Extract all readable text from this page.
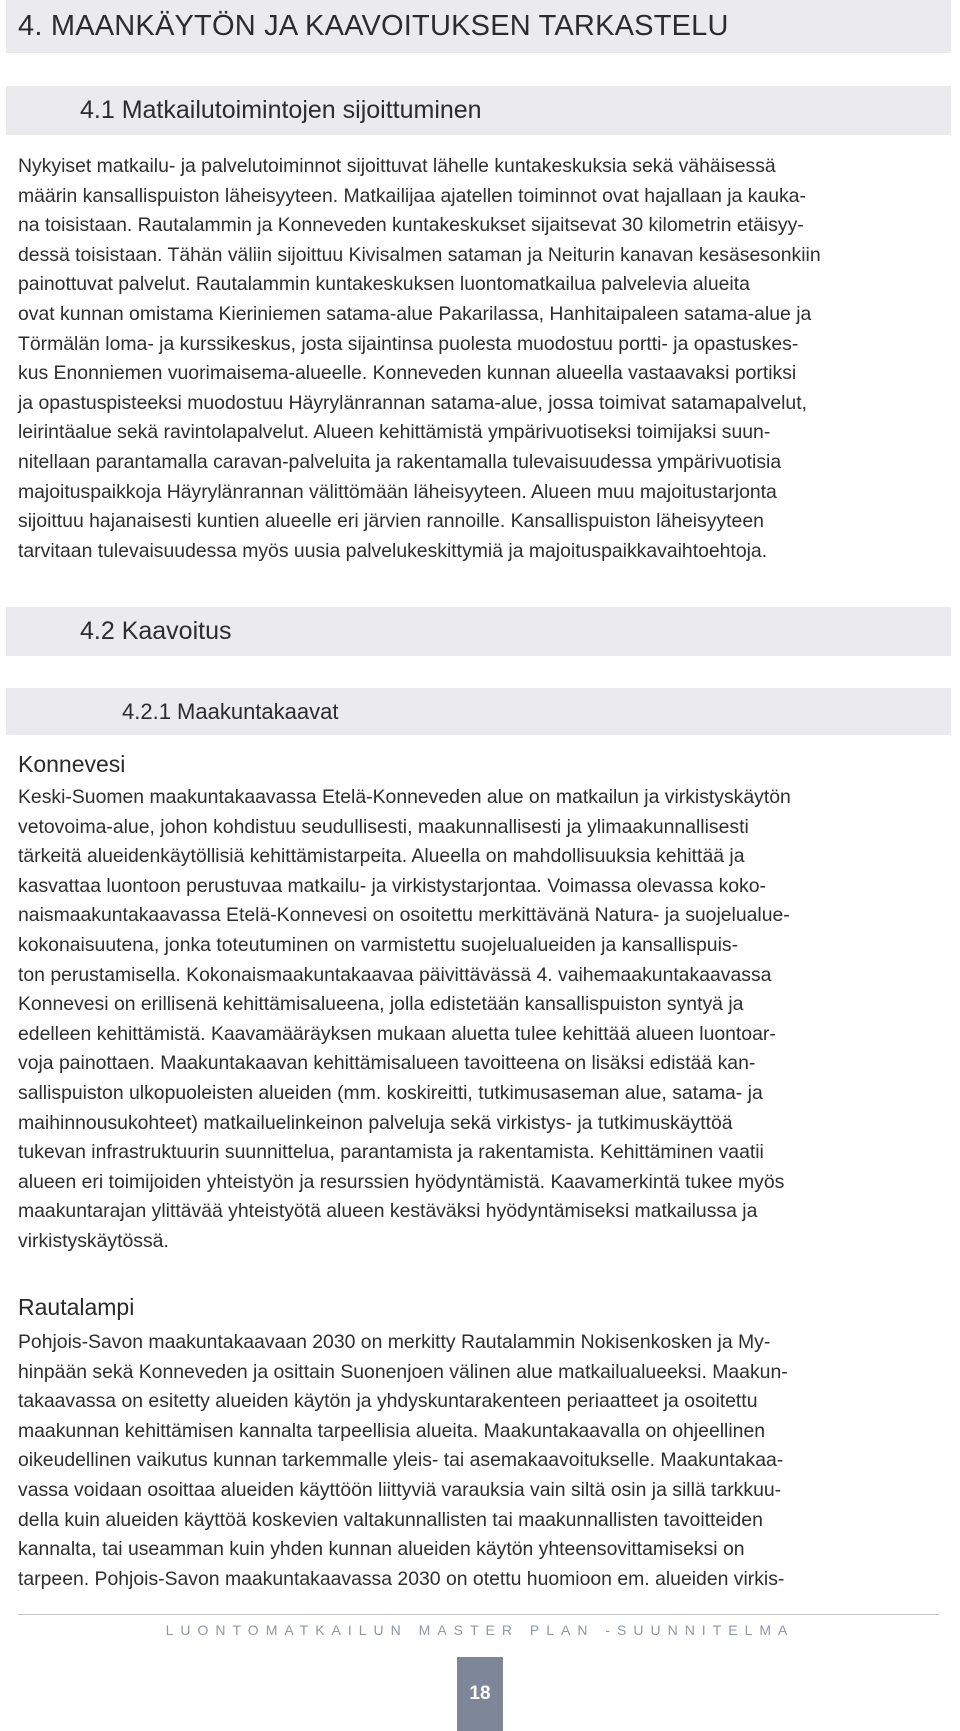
4. MAANKÄYTÖN JA KAAVOITUKSEN TARKASTELU
4.1 Matkailutoimintojen sijoittuminen

Nykyiset matkailu- ja palvelutoiminnot sijoittuvat lähelle kuntakeskuksia sekä vähäisessä
määrin kansallispuiston läheisyyteen. Matkailijaa ajatellen toiminnot ovat hajallaan ja kauka-
na toisistaan. Rautalammin ja Konneveden kuntakeskukset sijaitsevat 30 kilometrin etäisyy-
dessä toisistaan. Tähän väliin sijoittuu Kivisalmen sataman ja Neiturin kanavan kesäsesonkiin
painottuvat palvelut. Rautalammin kuntakeskuksen luontomatkailua palvelevia alueita
ovat kunnan omistama Kieriniemen satama-alue Pakarilassa, Hanhitaipaleen satama-alue ja
Törmälän loma- ja kurssikeskus, josta sijaintinsa puolesta muodostuu portti- ja opastuskes-
kus Enonniemen vuorimaisema-alueelle. Konneveden kunnan alueella vastaavaksi portiksi
ja opastuspisteeksi muodostuu Häyrylänrannan satama-alue, jossa toimivat satamapalvelut,
leirintäalue sekä ravintolapalvelut. Alueen kehittämistä ympärivuotiseksi toimijaksi suun-
nitellaan parantamalla caravan-palveluita ja rakentamalla tulevaisuudessa ympärivuotisia
majoituspaikkoja Häyrylänrannan välittömään läheisyyteen. Alueen muu majoitustarjonta
sijoittuu hajanaisesti kuntien alueelle eri järvien rannoille. Kansallispuiston läheisyyteen
tarvitaan tulevaisuudessa myös uusia palvelukeskittymiä ja majoituspaikkavaihtoehtoja.

4.2 Kaavoitus
4.2.1 Maakuntakaavat
Konnevesi

Keski-Suomen maakuntakaavassa Etelä-Konneveden alue on matkailun ja virkistyskäytön
vetovoima-alue, johon kohdistuu seudullisesti, maakunnallisesti ja ylimaakunnallisesti
tärkeitä alueidenkäytöllisiä kehittämistarpeita. Alueella on mahdollisuuksia kehittää ja
kasvattaa luontoon perustuvaa matkailu- ja virkistystarjontaa. Voimassa olevassa koko-
naismaakuntakaavassa Etelä-Konnevesi on osoitettu merkittävänä Natura- ja suojelualue-
kokonaisuutena, jonka toteutuminen on varmistettu suojelualueiden ja kansallispuis-
ton perustamisella. Kokonaismaakuntakaavaa päivittävässä 4. vaihemaakuntakaavassa
Konnevesi on erillisenä kehittämisalueena, jolla edistetään kansallispuiston syntyä ja
edelleen kehittämistä. Kaavamääräyksen mukaan aluetta tulee kehittää alueen luontoar-
voja painottaen. Maakuntakaavan kehittämisalueen tavoitteena on lisäksi edistää kan-
sallispuiston ulkopuoleisten alueiden (mm. koskireitti, tutkimusaseman alue, satama- ja
maihinnousukohteet) matkailuelinkeinon palveluja sekä virkistys- ja tutkimuskäyttöä
tukevan infrastruktuurin suunnittelua, parantamista ja rakentamista. Kehittäminen vaatii
alueen eri toimijoiden yhteistyön ja resurssien hyödyntämistä. Kaavamerkintä tukee myös
maakuntarajan ylittävää yhteistyötä alueen kestäväksi hyödyntämiseksi matkailussa ja
virkistyskäytössä.

Rautalampi

Pohjois-Savon maakuntakaavaan 2030 on merkitty Rautalammin Nokisenkosken ja My-
hinpään sekä Konneveden ja osittain Suonenjoen välinen alue matkailualueeksi. Maakun-
takaavassa on esitetty alueiden käytön ja yhdyskuntarakenteen periaatteet ja osoitettu
maakunnan kehittämisen kannalta tarpeellisia alueita. Maakuntakaavalla on ohjeellinen
oikeudellinen vaikutus kunnan tarkemmalle yleis- tai asemakaavoitukselle. Maakuntakaa-
vassa voidaan osoittaa alueiden käyttöön liittyviä varauksia vain siltä osin ja sillä tarkkuu-
della kuin alueiden käyttöä koskevien valtakunnallisten tai maakunnallisten tavoitteiden
kannalta, tai useamman kuin yhden kunnan alueiden käytön yhteensovittamiseksi on
tarpeen. Pohjois-Savon maakuntakaavassa 2030 on otettu huomioon em. alueiden virkis-

LUONTOMATKAILUN MASTER PLAN -SUUNNITELMA
18
